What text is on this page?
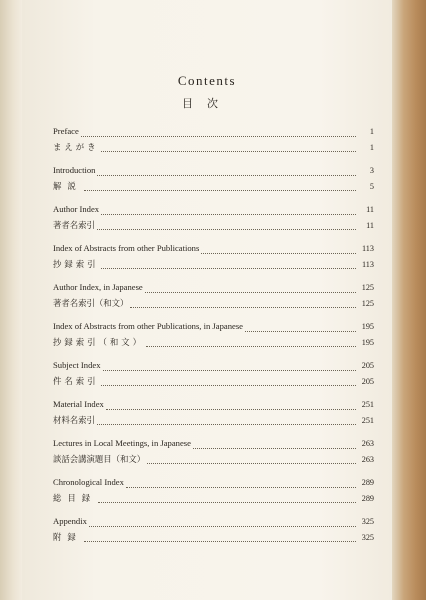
Contents
目次
Preface	1
まえがき	1
Introduction	3
解説	5
Author Index	11
著者名索引	11
Index of Abstracts from other Publications	113
抄録索引	113
Author Index, in Japanese	125
著者名索引（和文）	125
Index of Abstracts from other Publications, in Japanese	195
抄録索引（和文）	195
Subject Index	205
件名索引	205
Material Index	251
材料名索引	251
Lectures in Local Meetings, in Japanese	263
談話会講演題目（和文）	263
Chronological Index	289
総目録	289
Appendix	325
附録	325
